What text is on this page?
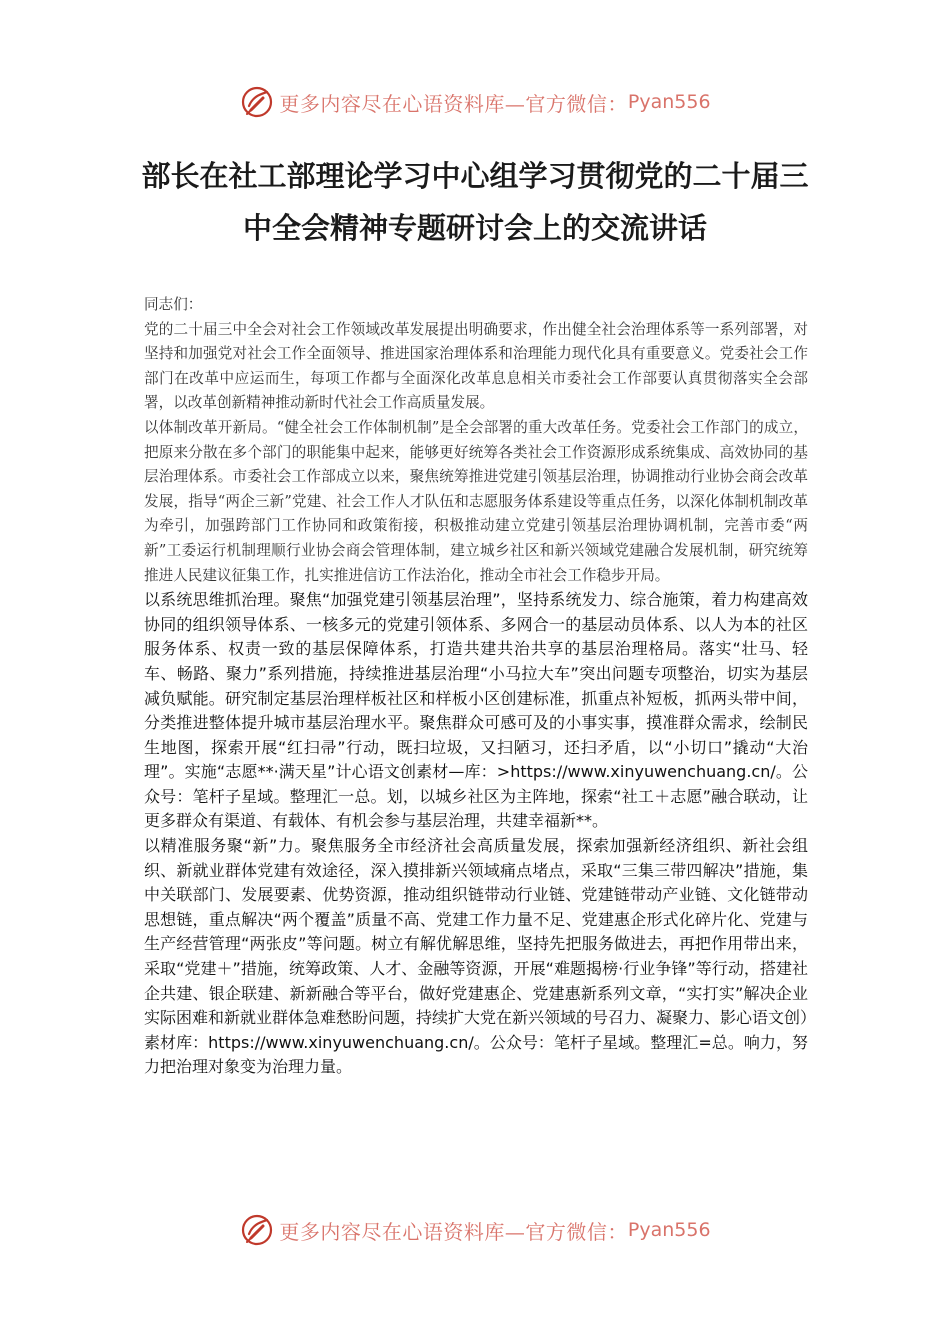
更多内容尽在心语资料库—官方微信： Pyan556
部长在社工部理论学习中心组学习贯彻党的二十届三
中全会精神专题研讨会上的交流讲话

同志们：

党的二十届三中全会对社会工作领域改革发展提出明确要求，作出健全社会治理体系等一系列部署，对坚持和加强党对社会工作全面领导、推进国家治理体系和治理能力现代化具有重要意义。党委社会工作部门在改革中应运而生，每项工作都与全面深化改革息息相关市委社会工作部要认真贯彻落实全会部署，以改革创新精神推动新时代社会工作高质量发展。

以体制改革开新局。“健全社会工作体制机制”是全会部署的重大改革任务。党委社会工作部门的成立，把原来分散在多个部门的职能集中起来，能够更好统筹各类社会工作资源形成系统集成、高效协同的基层治理体系。市委社会工作部成立以来，聚焦统筹推进党建引领基层治理，协调推动行业协会商会改革发展，指导“两企三新”党建、社会工作人才队伍和志愿服务体系建设等重点任务，以深化体制机制改革为牵引，加强跨部门工作协同和政策衔接，积极推动建立党建引领基层治理协调机制，完善市委“两新”工委运行机制理顺行业协会商会管理体制，建立城乡社区和新兴领域党建融合发展机制，研究统筹推进人民建议征集工作，扎实推进信访工作法治化，推动全市社会工作稳步开局。

以系统思维抓治理。聚焦“加强党建引领基层治理”，坚持系统发力、综合施策，着力构建高效协同的组织领导体系、一核多元的党建引领体系、多网合一的基层动员体系、以人为本的社区服务体系、权责一致的基层保障体系，打造共建共治共享的基层治理格局。落实“壮马、轻车、畅路、聚力”系列措施，持续推进基层治理“小马拉大车”突出问题专项整治，切实为基层减负赋能。研究制定基层治理样板社区和样板小区创建标准，抓重点补短板，抓两头带中间，分类推进整体提升城市基层治理水平。聚焦群众可感可及的小事实事，摸准群众需求，绘制民生地图，探索开展“红扫帚”行动，既扫垃圾，又扫陋习，还扫矛盾，以“小切口”撬动“大治理”。实施“志愿**·满天星”计心语文创素材—库：>https://www.xinyuwenchuang.cn/。公众号：笔杆子星域。整理汇一总。划，以城乡社区为主阵地，探索“社工＋志愿”融合联动，让更多群众有渠道、有载体、有机会参与基层治理，共建幸福新**。

以精准服务聚“新”力。聚焦服务全市经济社会高质量发展，探索加强新经济组织、新社会组织、新就业群体党建有效途径，深入摸排新兴领域痛点堵点，采取“三集三带四解决”措施，集中关联部门、发展要素、优势资源，推动组织链带动行业链、党建链带动产业链、文化链带动思想链，重点解决“两个覆盖”质量不高、党建工作力量不足、党建惠企形式化碎片化、党建与生产经营管理“两张皮”等问题。树立有解优解思维，坚持先把服务做进去，再把作用带出来，采取“党建＋”措施，统筹政策、人才、金融等资源，开展“难题揭榜·行业争锋”等行动，搭建社企共建、银企联建、新新融合等平台，做好党建惠企、党建惠新系列文章，“实打实”解决企业实际困难和新就业群体急难愁盼问题，持续扩大党在新兴领域的号召力、凝聚力、影心语文创）素材库：https://www.xinyuwenchuang.cn/。公众号：笔杆子星域。整理汇=总。响力，努力把治理对象变为治理力量。

更多内容尽在心语资料库—官方微信： Pyan556
